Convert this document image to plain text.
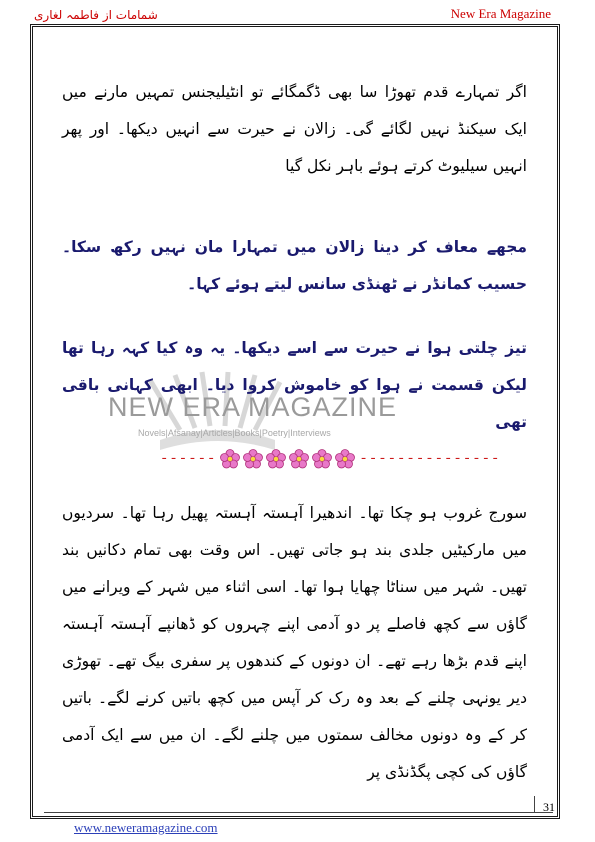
شمامات از فاطمہ لغاری	New Era Magazine
NEW ERA MAGAZINE
Novels|Afsanay|Articles|Books|Poetry|Interviews

اگر تمہارے قدم تھوڑا سا بھی ڈگمگائے تو انٹیلیجنس تمہیں مارنے میں ایک سیکنڈ نہیں لگائے گی۔ زالان نے حیرت سے انہیں دیکھا۔ اور پھر انہیں سیلیوٹ کرتے ہوئے باہر نکل گیا

مجھے معاف کر دینا زالان میں تمہارا مان نہیں رکھ سکا۔ حسیب کمانڈر نے ٹھنڈی سانس لیتے ہوئے کہا۔

تیز چلتی ہوا نے حیرت سے اسے دیکھا۔ یہ وہ کیا کہہ رہا تھا لیکن قسمت نے ہوا کو خاموش کروا دیا۔ ابھی کہانی باقی تھی

------	---------------

سورج غروب ہو چکا تھا۔ اندھیرا آہستہ آہستہ پھیل رہا تھا۔ سردیوں میں مارکیٹیں جلدی بند ہو جاتی تھیں۔ اس وقت بھی تمام دکانیں بند تھیں۔ شہر میں سناٹا چھایا ہوا تھا۔ اسی اثناء میں شہر کے ویرانے میں گاؤں سے کچھ فاصلے پر دو آدمی اپنے چہروں کو ڈھانپے آہستہ آہستہ اپنے قدم بڑھا رہے تھے۔ ان دونوں کے کندھوں پر سفری بیگ تھے۔ تھوڑی دیر یونہی چلنے کے بعد وہ رک کر آپس میں کچھ باتیں کرنے لگے۔ باتیں کر کے وہ دونوں مخالف سمتوں میں چلنے لگے۔ ان میں سے ایک آدمی گاؤں کی کچی پگڈنڈی پر

31
www.neweramagazine.com
